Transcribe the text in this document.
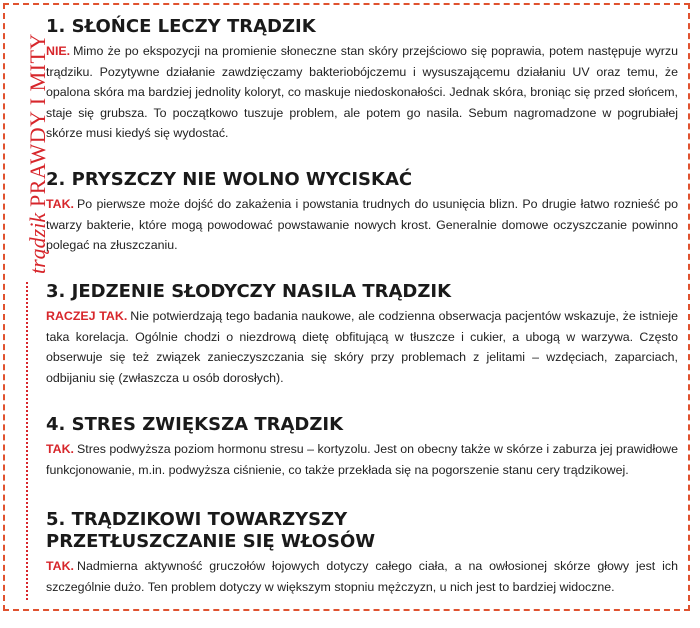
trądzik PRAWDY I MITY
1. SŁOŃCE LECZY TRĄDZIK

NIE. Mimo że po ekspozycji na promienie słoneczne stan skóry przejściowo się poprawia, potem następuje wyrzu trądziku. Pozytywne działanie zawdzięczamy bakteriobójczemu i wysuszającemu działaniu UV oraz temu, że opalona skóra ma bardziej jednolity koloryt, co maskuje niedoskonałości. Jednak skóra, broniąc się przed słońcem, staje się grubsza. To początkowo tuszuje problem, ale potem go nasila. Sebum nagromadzone w pogrubiałej skórze musi kiedyś się wydostać.

2. PRYSZCZY NIE WOLNO WYCISKAĆ

TAK. Po pierwsze może dojść do zakażenia i powstania trudnych do usunięcia blizn. Po drugie łatwo roznieść po twarzy bakterie, które mogą powodować powstawanie nowych krost. Generalnie domowe oczyszczanie powinno polegać na złuszczaniu.

3. JEDZENIE SŁODYCZY NASILA TRĄDZIK

RACZEJ TAK. Nie potwierdzają tego badania naukowe, ale codzienna obserwacja pacjentów wskazuje, że istnieje taka korelacja. Ogólnie chodzi o niezdrową dietę obfitującą w tłuszcze i cukier, a ubogą w warzywa. Często obserwuje się też związek zanieczyszczania się skóry przy problemach z jelitami – wzdęciach, zaparciach, odbijaniu się (zwłaszcza u osób dorosłych).

4. STRES ZWIĘKSZA TRĄDZIK

TAK. Stres podwyższa poziom hormonu stresu – kortyzolu. Jest on obecny także w skórze i zaburza jej prawidłowe funkcjonowanie, m.in. podwyższa ciśnienie, co także przekłada się na pogorszenie stanu cery trądzikowej.

5. TRĄDZIKOWI TOWARZYSZY
PRZETŁUSZCZANIE SIĘ WŁOSÓW

TAK. Nadmierna aktywność gruczołów łojowych dotyczy całego ciała, a na owłosionej skórze głowy jest ich szczególnie dużo. Ten problem dotyczy w większym stopniu mężczyzn, u nich jest to bardziej widoczne.
